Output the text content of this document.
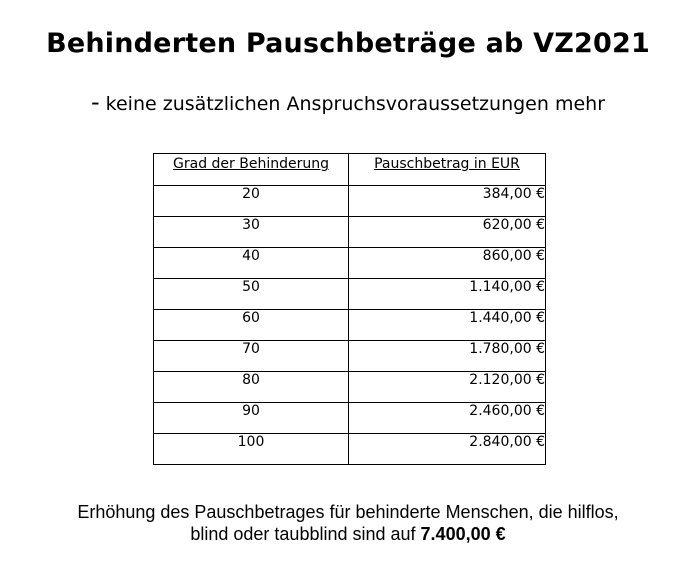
Behinderten Pauschbeträge ab VZ2021
- keine zusätzlichen Anspruchsvoraussetzungen mehr
Grad der Behinderung	Pauschbetrag in EUR
20	384,00 €
30	620,00 €
40	860,00 €
50	1.140,00 €
60	1.440,00 €
70	1.780,00 €
80	2.120,00 €
90	2.460,00 €
100	2.840,00 €
Erhöhung des Pauschbetrages für behinderte Menschen, die hilflos,
blind oder taubblind sind auf 7.400,00 €
